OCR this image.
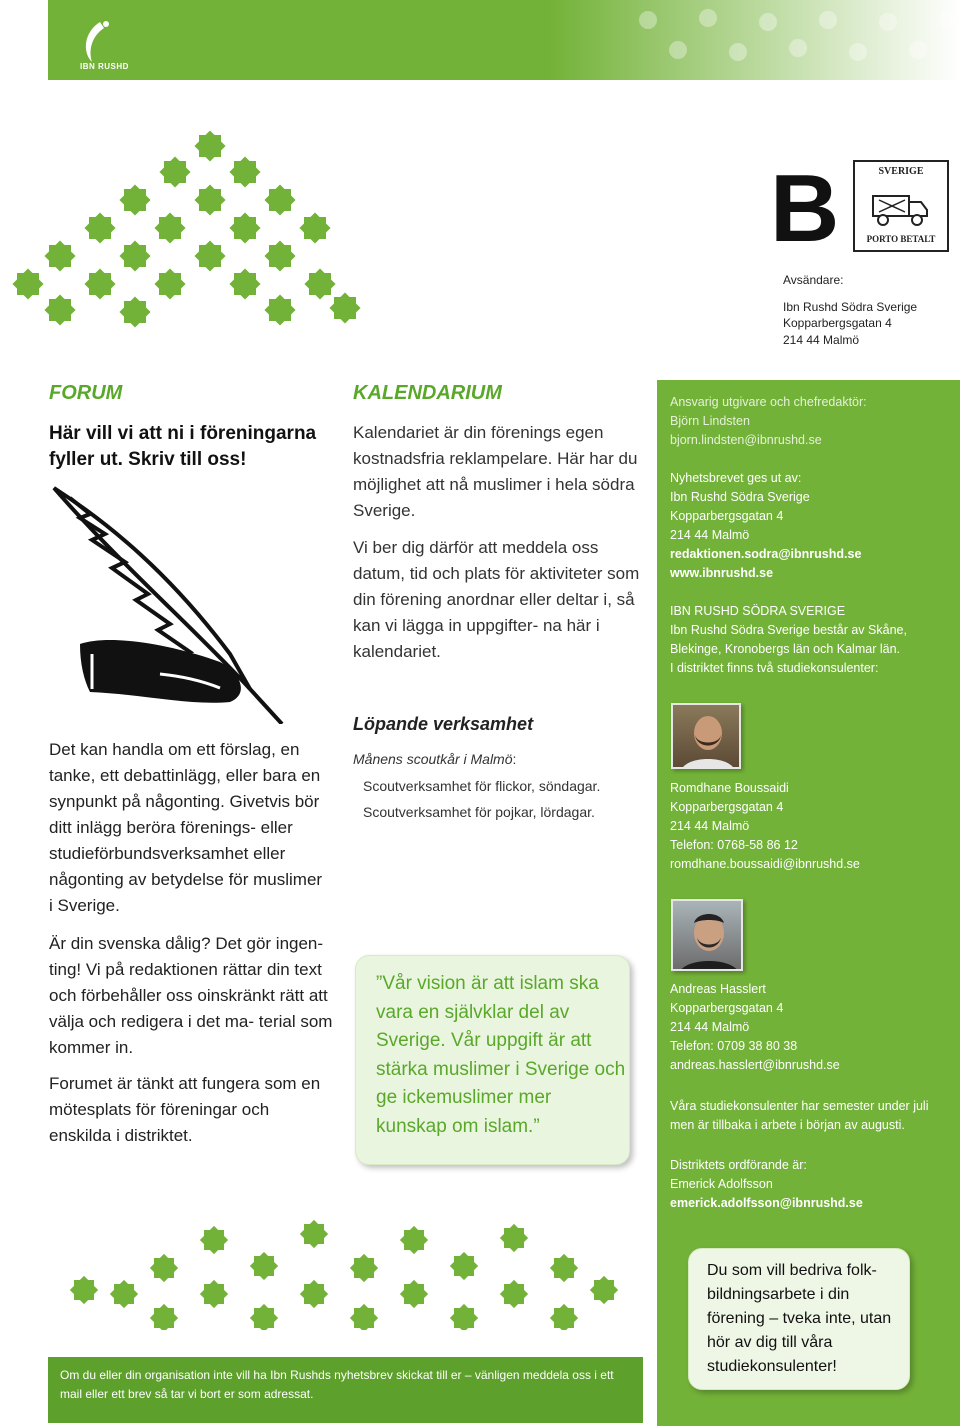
IBN RUSHD
B	SVERIGE
PORTO BETALT
Avsändare:
Ibn Rushd Södra Sverige
Kopparbergsgatan 4
214 44 Malmö
FORUM
Här vill vi att ni i föreningarna fyller ut. Skriv till oss!
Det kan handla om ett förslag, en tanke, ett debattinlägg, eller bara en synpunkt på någonting. Givetvis bör ditt inlägg beröra förenings- eller studieförbundsverksamhet eller någonting av betydelse för muslimer i Sverige.
Är din svenska dålig? Det gör ingen- ting! Vi på redaktionen rättar din text och förbehåller oss oinskränkt rätt att välja och redigera i det ma- terial som kommer in.
Forumet är tänkt att fungera som en mötesplats för föreningar och enskilda i distriktet.
KALENDARIUM
Kalendariet är din förenings egen kostnadsfria reklampelare. Här har du möjlighet att nå muslimer i hela södra Sverige.
Vi ber dig därför att meddela oss datum, tid och plats för aktiviteter som din förening anordnar eller deltar i, så kan vi lägga in uppgifter- na här i kalendariet.
Löpande verksamhet
Månens scoutkår i Malmö:
Scoutverksamhet för flickor, söndagar.
Scoutverksamhet för pojkar, lördagar.
”Vår vision är att islam ska vara en självklar del av Sverige. Vår uppgift är att stärka muslimer i Sverige och ge ickemuslimer mer kunskap om islam.”
Ansvarig utgivare och chefredaktör:
Björn Lindsten
bjorn.lindsten@ibnrushd.se
Nyhetsbrevet ges ut av:
Ibn Rushd Södra Sverige
Kopparbergsgatan 4
214 44 Malmö
redaktionen.sodra@ibnrushd.se
www.ibnrushd.se
IBN RUSHD SÖDRA SVERIGE
Ibn Rushd Södra Sverige består av Skåne, Blekinge, Kronobergs län och Kalmar län.
I distriktet finns två studiekonsulenter:
Romdhane Boussaidi
Kopparbergsgatan 4
214 44 Malmö
Telefon: 0768-58 86 12
romdhane.boussaidi@ibnrushd.se
Andreas Hasslert
Kopparbergsgatan 4
214 44 Malmö
Telefon: 0709 38 80 38
andreas.hasslert@ibnrushd.se
Våra studiekonsulenter har semester under juli men är tillbaka i arbete i början av augusti.
Distriktets ordförande är:
Emerick Adolfsson
emerick.adolfsson@ibnrushd.se
Du som vill bedriva folk- bildningsarbete i din förening – tveka inte, utan hör av dig till våra studiekonsulenter!
Om du eller din organisation inte vill ha Ibn Rushds nyhetsbrev skickat till er – vänligen meddela oss i ett mail eller ett brev så tar vi bort er som adressat.
